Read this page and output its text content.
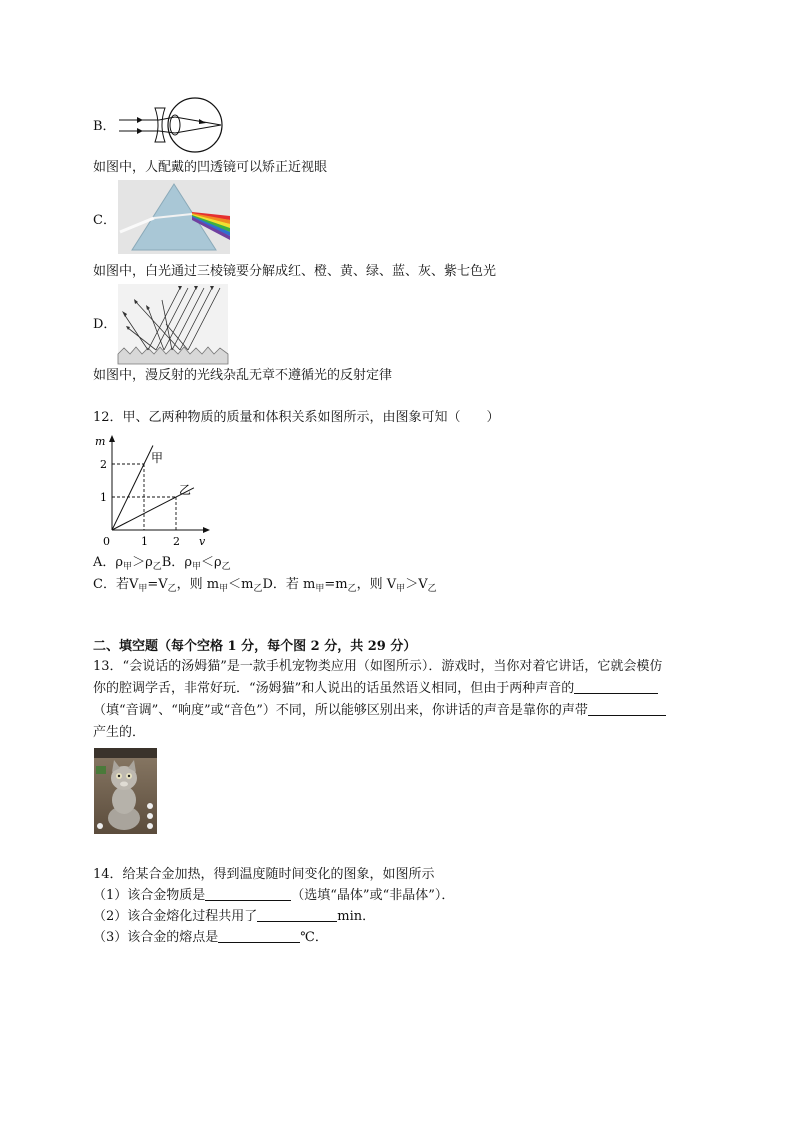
B．
如图中，人配戴的凹透镜可以矫正近视眼
C．
如图中，白光通过三棱镜要分解成红、橙、黄、绿、蓝、灰、紫七色光
D．
如图中，漫反射的光线杂乱无章不遵循光的反射定律
12．甲、乙两种物质的质量和体积关系如图所示，由图象可知（　　）
m
v
0	1 2
1
2	甲
乙
A．$\rho_甲>\rho_乙B$．$\rho_甲<\rho_乙$
C．若$V_甲=V_乙$，则 $m_甲<m_乙D$．若 $m_甲=m_乙$，则 $V_甲>V_乙$
二、填空题（每个空格 1 分，每个图 2 分，共 29 分）
13．“会说话的汤姆猫”是一款手机宠物类应用（如图所示）．游戏时，当你对着它讲话，它就会模仿
你的腔调学舌，非常好玩．“汤姆猫”和人说出的话虽然语义相同，但由于两种声音的
（填“音调”、“响度”或“音色”）不同，所以能够区别出来，你讲话的声音是靠你的声带
产生的．
14．给某合金加热，得到温度随时间变化的图象，如图所示
（1）该合金物质是	（选填“晶体”或“非晶体”）．
（2）该合金熔化过程共用了	min．
（3）该合金的熔点是	℃．
